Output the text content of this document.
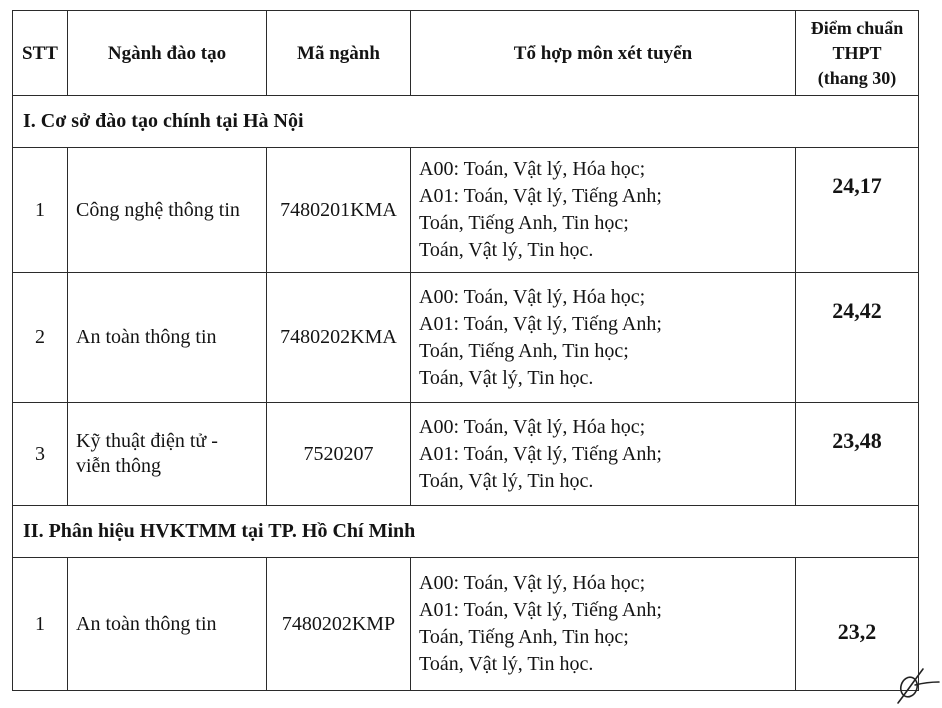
STT	Ngành đào tạo	Mã ngành	Tổ hợp môn xét tuyển	Điểm chuẩn
THPT
(thang 30)

I. Cơ sở đào tạo chính tại Hà Nội				
1	Công nghệ thông tin	7480201KMA	A00: Toán, Vật lý, Hóa học;
A01: Toán, Vật lý, Tiếng Anh;
Toán, Tiếng Anh, Tin học;
Toán, Vật lý, Tin học.	24,17
2	An toàn thông tin	7480202KMA	A00: Toán, Vật lý, Hóa học;
A01: Toán, Vật lý, Tiếng Anh;
Toán, Tiếng Anh, Tin học;
Toán, Vật lý, Tin học.	24,42
3	Kỹ thuật điện tử -
viễn thông	7520207	A00: Toán, Vật lý, Hóa học;
A01: Toán, Vật lý, Tiếng Anh;
Toán, Vật lý, Tin học.	23,48
II. Phân hiệu HVKTMM tại TP. Hồ Chí Minh				
1	An toàn thông tin	7480202KMP	A00: Toán, Vật lý, Hóa học;
A01: Toán, Vật lý, Tiếng Anh;
Toán, Tiếng Anh, Tin học;
Toán, Vật lý, Tin học.	23,2
